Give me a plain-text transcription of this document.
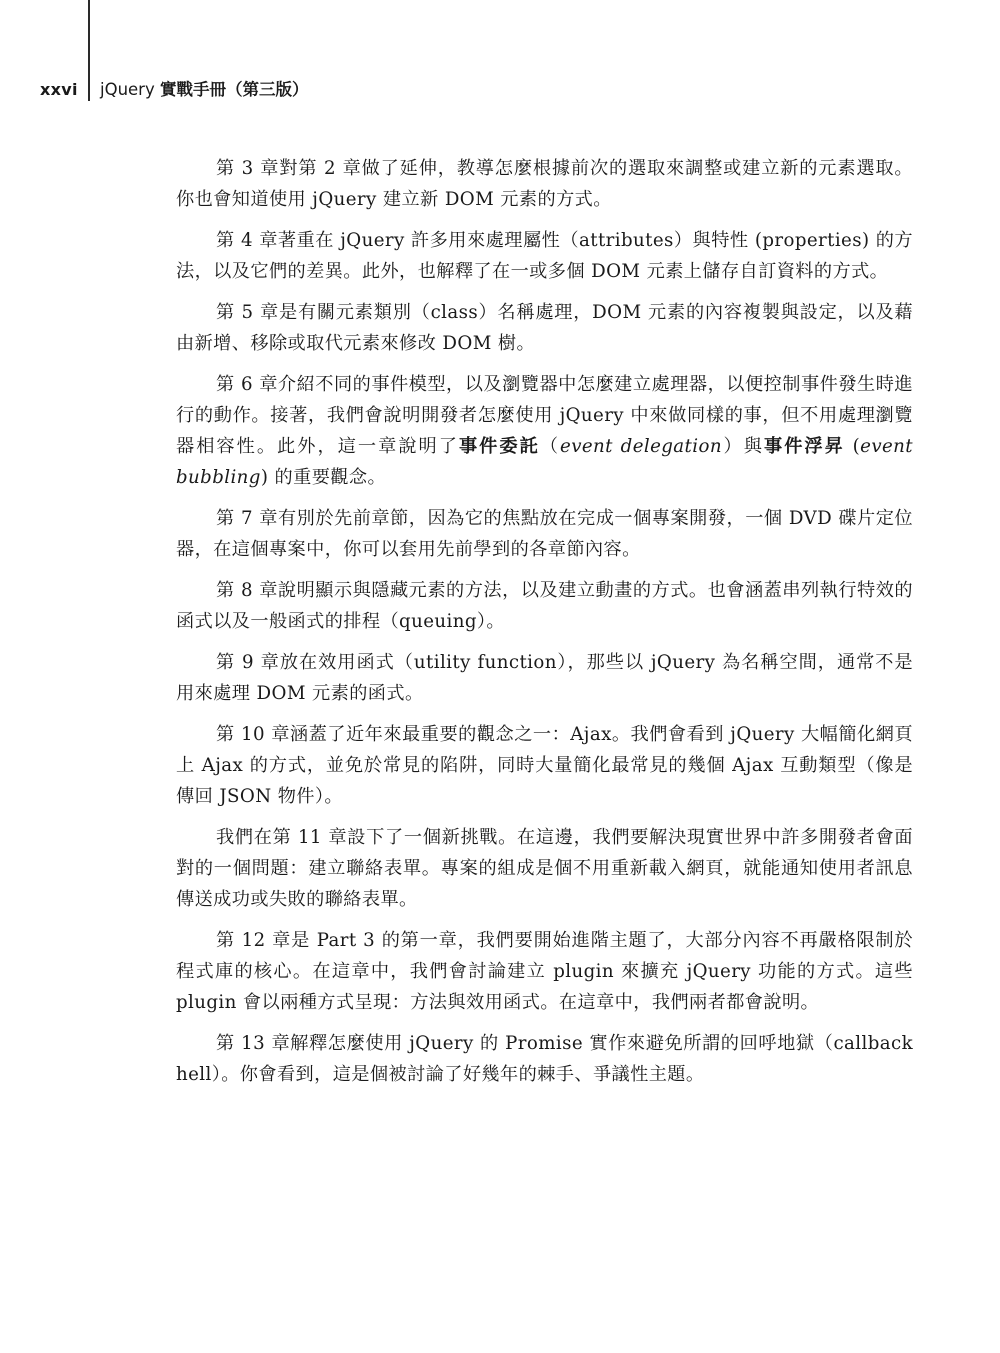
xxvi jQuery 實戰手冊（第三版）

第 3 章對第 2 章做了延伸，教導怎麼根據前次的選取來調整或建立新的元素選取。你也會知道使用 jQuery 建立新 DOM 元素的方式。

第 4 章著重在 jQuery 許多用來處理屬性（attributes）與特性 (properties) 的方法，以及它們的差異。此外，也解釋了在一或多個 DOM 元素上儲存自訂資料的方式。

第 5 章是有關元素類別（class）名稱處理，DOM 元素的內容複製與設定，以及藉由新增、移除或取代元素來修改 DOM 樹。

第 6 章介紹不同的事件模型，以及瀏覽器中怎麼建立處理器，以便控制事件發生時進行的動作。接著，我們會說明開發者怎麼使用 jQuery 中來做同樣的事，但不用處理瀏覽器相容性。此外，這一章說明了事件委託（event delegation）與事件浮昇 (event bubbling) 的重要觀念。

第 7 章有別於先前章節，因為它的焦點放在完成一個專案開發，一個 DVD 碟片定位器，在這個專案中，你可以套用先前學到的各章節內容。

第 8 章說明顯示與隱藏元素的方法，以及建立動畫的方式。也會涵蓋串列執行特效的函式以及一般函式的排程（queuing）。

第 9 章放在效用函式（utility function），那些以 jQuery 為名稱空間，通常不是用來處理 DOM 元素的函式。

第 10 章涵蓋了近年來最重要的觀念之一：Ajax。我們會看到 jQuery 大幅簡化網頁上 Ajax 的方式，並免於常見的陷阱，同時大量簡化最常見的幾個 Ajax 互動類型（像是傳回 JSON 物件）。

我們在第 11 章設下了一個新挑戰。在這邊，我們要解決現實世界中許多開發者會面對的一個問題：建立聯絡表單。專案的組成是個不用重新載入網頁，就能通知使用者訊息傳送成功或失敗的聯絡表單。

第 12 章是 Part 3 的第一章，我們要開始進階主題了，大部分內容不再嚴格限制於程式庫的核心。在這章中，我們會討論建立 plugin 來擴充 jQuery 功能的方式。這些 plugin 會以兩種方式呈現：方法與效用函式。在這章中，我們兩者都會說明。

第 13 章解釋怎麼使用 jQuery 的 Promise 實作來避免所謂的回呼地獄（callback hell）。你會看到，這是個被討論了好幾年的棘手、爭議性主題。
